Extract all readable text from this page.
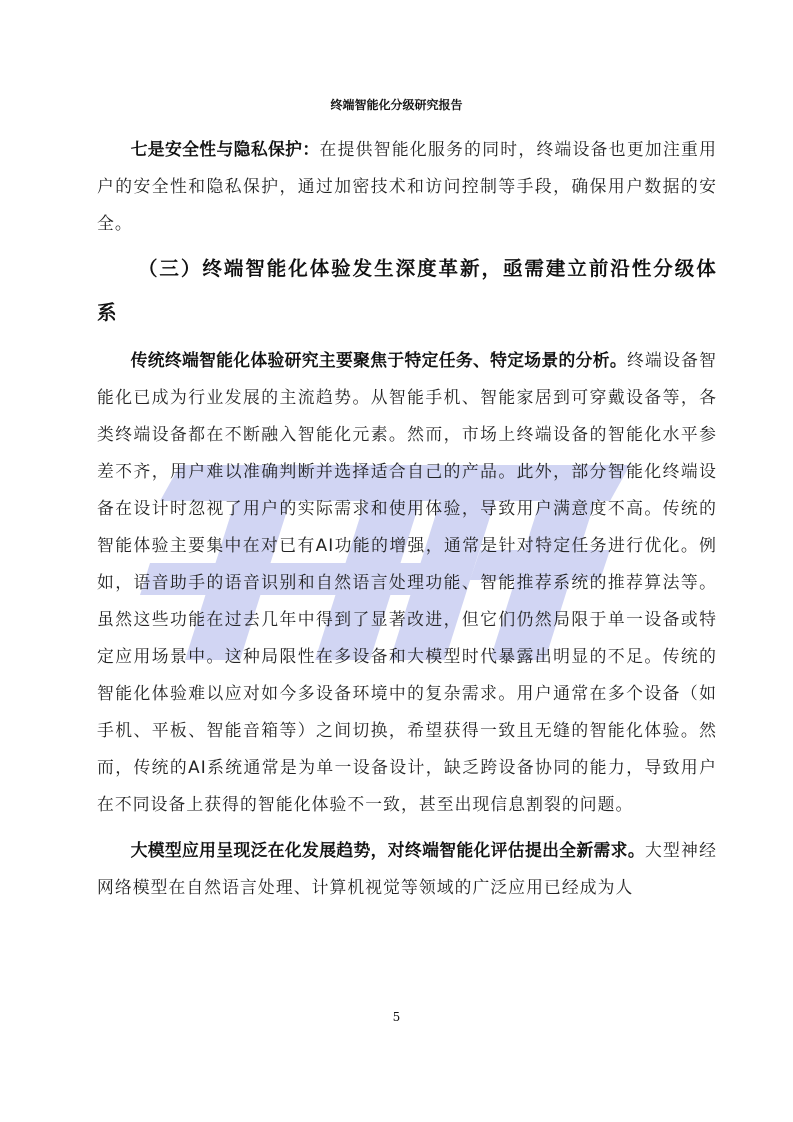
终端智能化分级研究报告

七是安全性与隐私保护：在提供智能化服务的同时，终端设备也更加注重用户的安全性和隐私保护，通过加密技术和访问控制等手段，确保用户数据的安全。

（三）终端智能化体验发生深度革新，亟需建立前沿性分级体系

传统终端智能化体验研究主要聚焦于特定任务、特定场景的分析。终端设备智能化已成为行业发展的主流趋势。从智能手机、智能家居到可穿戴设备等，各类终端设备都在不断融入智能化元素。然而，市场上终端设备的智能化水平参差不齐，用户难以准确判断并选择适合自己的产品。此外，部分智能化终端设备在设计时忽视了用户的实际需求和使用体验，导致用户满意度不高。传统的智能体验主要集中在对已有AI功能的增强，通常是针对特定任务进行优化。例如，语音助手的语音识别和自然语言处理功能、智能推荐系统的推荐算法等。虽然这些功能在过去几年中得到了显著改进，但它们仍然局限于单一设备或特定应用场景中。这种局限性在多设备和大模型时代暴露出明显的不足。传统的智能化体验难以应对如今多设备环境中的复杂需求。用户通常在多个设备（如手机、平板、智能音箱等）之间切换，希望获得一致且无缝的智能化体验。然而，传统的AI系统通常是为单一设备设计，缺乏跨设备协同的能力，导致用户在不同设备上获得的智能化体验不一致，甚至出现信息割裂的问题。

大模型应用呈现泛在化发展趋势，对终端智能化评估提出全新需求。大型神经网络模型在自然语言处理、计算机视觉等领域的广泛应用已经成为人

5
